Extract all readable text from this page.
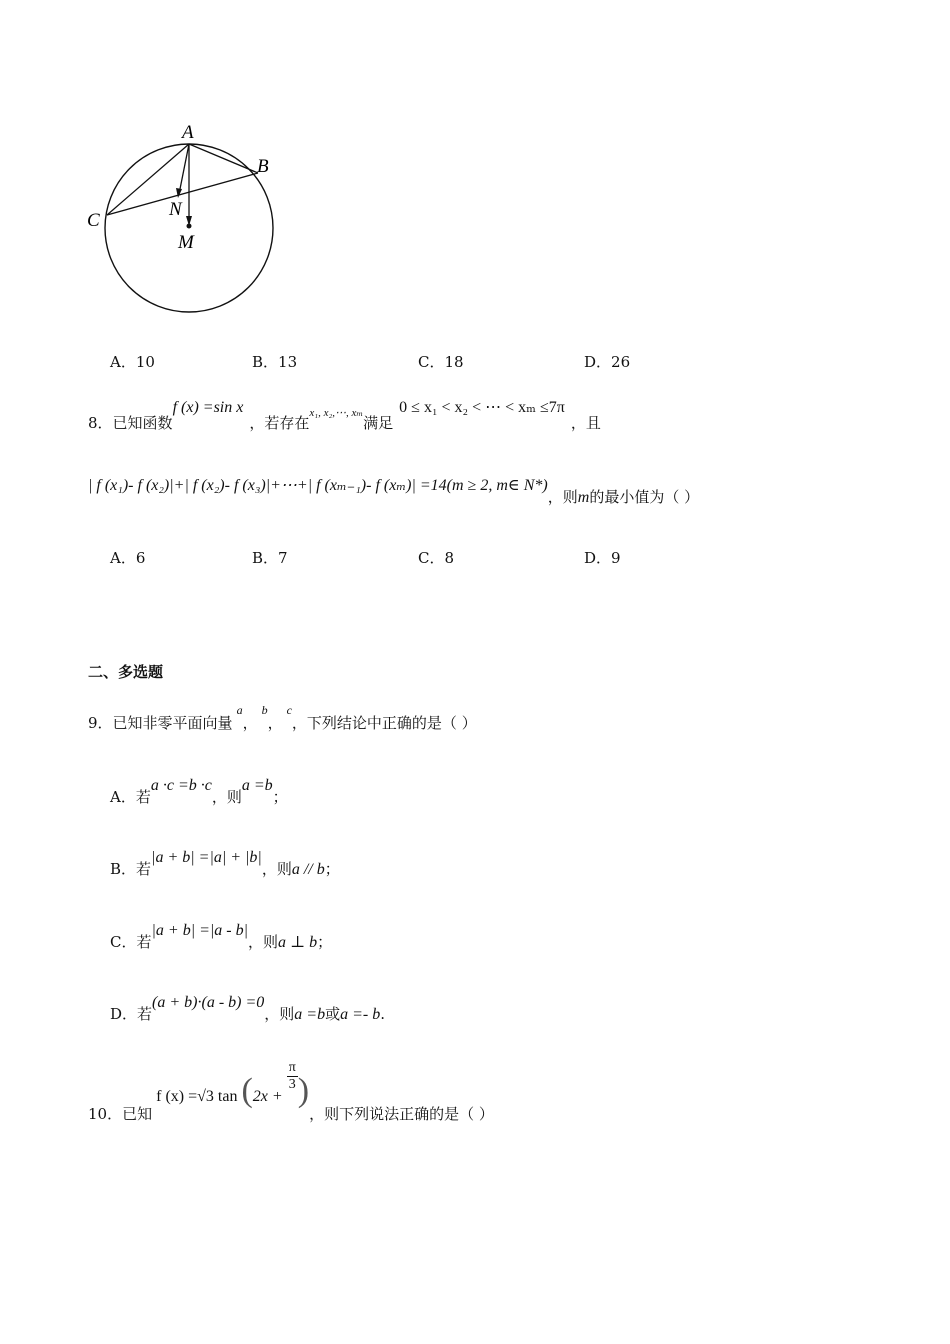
A
B
C
N
M
A．10	B．13	C．18	D．26
8．已知函数f (x) =sin x，若存在$_{x_1, x_2,\cdots, x_m}$满足0 ≤ x₁ < x₂ < ⋯ < xₘ ≤7π，且
| f (x₁)- f (x₂)|+| f (x₂)- f (x₃)|+⋯+| f (xₘ₋₁)- f (xₘ)| =14(m ≥ 2, m∈ N*)，则m的最小值为（ ）
A．6	B．7	C．8	D．9
二、多选题
9．已知非零平面向量a，b，c，下列结论中正确的是（ ）
A．若a ·c =b ·c，则a =b；
B．若|a + b| =|a| + |b|，则a // b；
C．若|a + b| =|a - b|，则a ⊥ b；
D．若(a + b)·(a - b) =0，则a =b或a =- b.
10．已知f (x) =√3 tan (2x +
$\frac{\pi}{3}$ )，则下列说法正确的是（ ）
